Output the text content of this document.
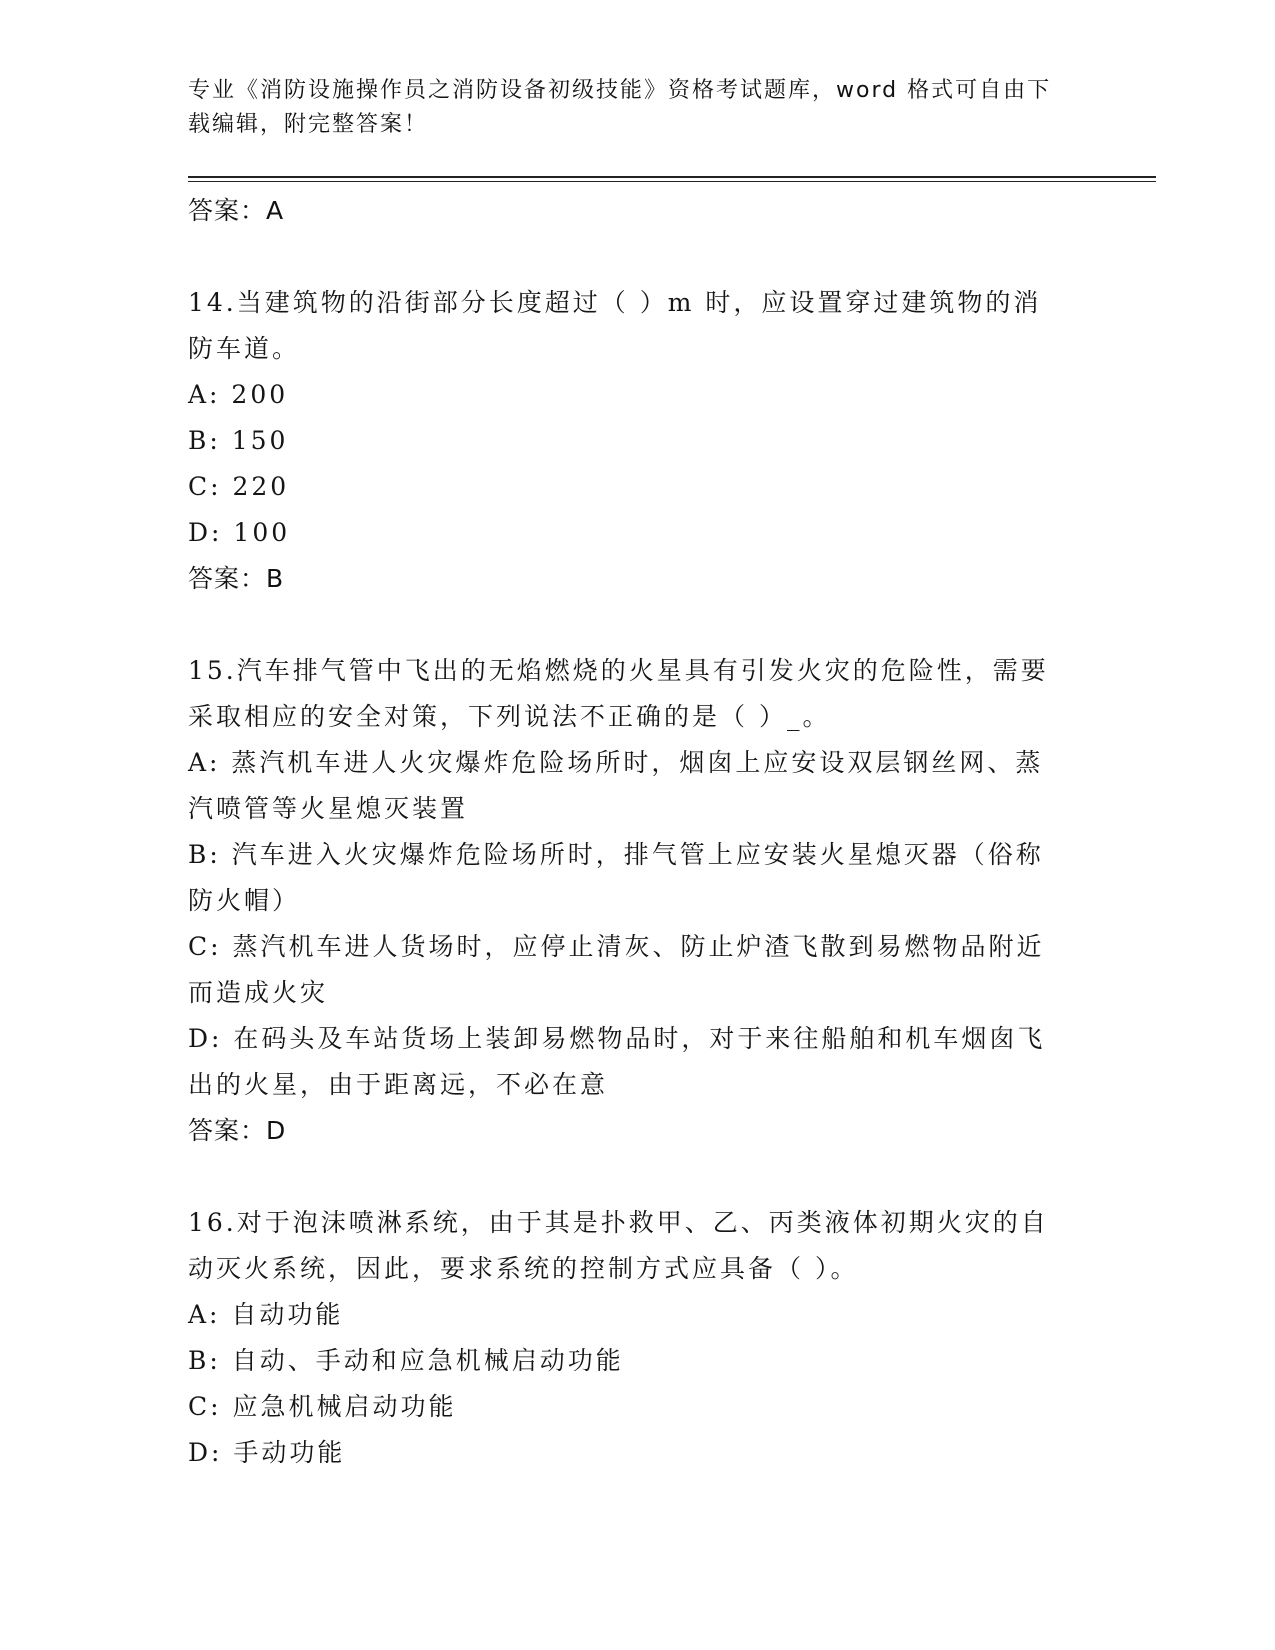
专业《消防设施操作员之消防设备初级技能》资格考试题库，word 格式可自由下载编辑，附完整答案！
答案：A
14.当建筑物的沿街部分长度超过（ ）m 时，应设置穿过建筑物的消
防车道。
A: 200
B: 150
C: 220
D: 100
答案：B
15.汽车排气管中飞出的无焰燃烧的火星具有引发火灾的危险性，需要
采取相应的安全对策，下列说法不正确的是（ ）_。
A: 蒸汽机车进人火灾爆炸危险场所时，烟囱上应安设双层钢丝网、蒸
汽喷管等火星熄灭装置
B: 汽车进入火灾爆炸危险场所时，排气管上应安装火星熄灭器（俗称
防火帽）
C: 蒸汽机车进人货场时，应停止清灰、防止炉渣飞散到易燃物品附近
而造成火灾
D: 在码头及车站货场上装卸易燃物品时，对于来往船舶和机车烟囱飞
出的火星，由于距离远，不必在意
答案：D
16.对于泡沫喷淋系统，由于其是扑救甲、乙、丙类液体初期火灾的自
动灭火系统，因此，要求系统的控制方式应具备（ ）。
A: 自动功能
B: 自动、手动和应急机械启动功能
C: 应急机械启动功能
D: 手动功能
